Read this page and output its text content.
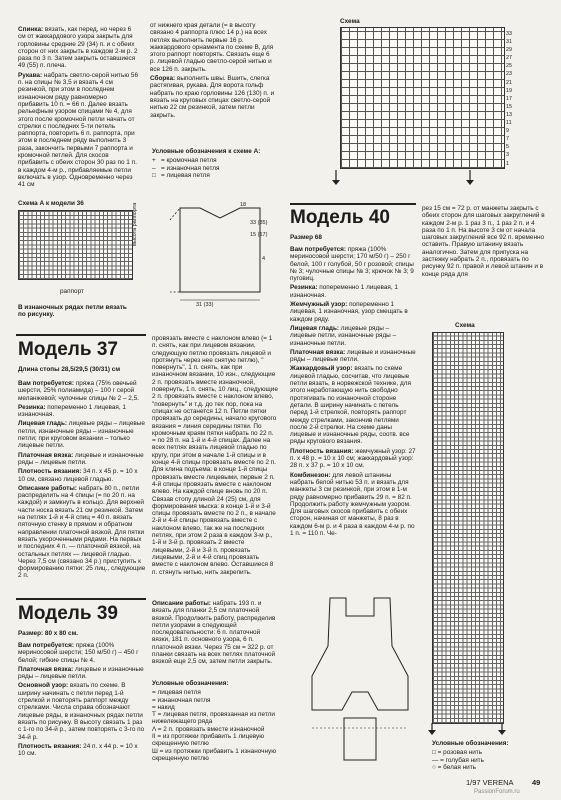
Спинка: вязать, как перед, но через 6 см от жаккардового узора закрыть для горловины средние 29 (34) п. и с обеих сторон от них закрыть в каждом 2-м р. 2 раза по 3 п. Затем закрыть оставшиеся 49 (55) п. плеча.

Рукава: набрать светло-серой нитью 56 п. на спицы № 3,5 и вязать 4 см резинкой, при этом в последнем изнаночном ряду равномерно прибавить 10 п. = 66 п. Далее вязать рельефным узором спицами № 4, для этого после кромочной петли начать от стрелки с последних 5-ти петель раппорта, повторить 6 п. раппорта, при этом в последнем ряду выполнить 3 раза, закончить первыми 7 раппорта и кромочной петлей. Для скосов прибавить с обеих сторон 30 раз по 1 п. в каждом 4-м р., прибавляемые петли включать в узор. Одновременно через 41 см

от нижнего края детали (= в высоту связано 4 раппорта плюс 14 р.) на всех петлях выполнить первые 16 р. жаккардового орнамента по схеме В, для этого раппорт повторять. Связать еще 6 р. лицевой гладью светло-серой нитью и все 126 п. закрыть.

Сборка: выполнить швы. Вшить, слегка растягивая, рукава. Для ворота гольф набрать по краю горловины 126 (130) п. и вязать на круговых спицах светло-серой нитью 22 см резинкой, затем петли закрыть.

Условные обозначения к схеме А:

+ = кромочная петля
– = изнаночная петля
□ = лицевая петля
Схема
33
31
29
27
25
23
21
19
17
15
13
11
9
7
5
3
1
Схема А к модели 36
раппорт
В изнаночных рядах петли вязать по рисунку.
высота раппорта	18
33 (35)
15 (17)
4
31 (33)
Модель 37
Длина стопы 28,5/29,5 (30/31) см

Вам потребуется: пряжа (75% овечьей шерсти, 25% полиамида) – 100 г серой меланжевой; чулочные спицы № 2 – 2,5.

Резинка: попеременно 1 лицевая, 1 изнаночная.

Лицевая гладь: лицевые ряды – лицевые петли, изнаночные ряды – изнаночные петли; при круговом вязании – только лицевые петли.

Платочная вязка: лицевые и изнаночные ряды – лицевые петли.

Плотность вязания: 34 п. x 45 р. = 10 x 10 см, связано лицевой гладью.

Описание работы: набрать 80 п., петли распределить на 4 спицы (= по 20 п. на каждой) и замкнуть в кольцо. Для верхней части носка вязать 21 см резинкой. Затем на петлях 1-й и 4-й спиц = 40 п. вязать пяточную стенку в прямом и обратном направлении платочной вязкой. Для пятки вязать укороченными рядами. На первых и последних 4 п. — платочной вязкой, на остальных петлях — лицевой гладью. Через 7,5 см (связано 34 р.) приступить к формированию пятки: 25 лиц., следующие 2 п.

провязать вместе с наклоном влево (= 1 п. снять, как при лицевом вязании, следующую петлю провязать лицевой и протянуть через нее снятую петлю), " повернуть", 1 п. снять, как при изнаночном вязании, 10 изн., следующие 2 п. провязать вместе изнаночной, повернуть, 1 п. снять, 10 лиц., следующие 2 п. провязать вместе с наклоном влево, "повернуть" и т.д. до тех пор, пока на спицах не останется 12 п. Петли пятки провязать до середины, начало кругового вязания = линия середины пятки. По кромочным краям пятки набрать по 22 п. = по 28 п. на 1-й и 4-й спицах. Далее на всех петлях вязать лицевой гладью по кругу, при этом в начале 1-й спицы и в конце 4-й спицы провязать вместе по 2 п. Для клина подъема: в конце 1-й спицы провязать вместе лицевыми, первые 2 п. 4-й спицы провязать вместе с наклоном влево. На каждой спице вновь по 20 п. Связав стопу длиной 24 (25) см, для формирования мыска: в конце 1-й и 3-й спицы провязать вместе по 2 п., в начале 2-й и 4-й спицы провязать вместе с наклоном влево, так же на последних петлях, при этом 2 раза в каждом 3-м р., 1-й и 3-й р. провязать 2 вместе лицевыми, 2-й и 3-й п. провязать лицевыми, 2-й и 4-й спиц провязать вместе с наклоном влево. Оставшиеся 8 п. стянуть нитью, нить закрепить.

Модель 39
Размер: 80 x 80 см.

Вам потребуется: пряжа (100% мериносовой шерсти; 150 м/50 г) – 450 г белой; гибкие спицы № 4.

Платочная вязка: лицевые и изнаночные ряды – лицевые петли.

Основной узор: вязать по схеме. В ширину начинать с петли перед 1-й стрелкой и повторять раппорт между стрелками. Числа справа обозначают лицевые ряды, в изнаночных рядах петли вязать по рисунку. В высоту связать 1 раз с 1-го по 34-й р., затем повторять с 3-го по 34-й р.

Плотность вязания: 24 п. x 44 р. = 10 x 10 см.

Описание работы: набрать 193 п. и вязать для планки 2,5 см платочной вязкой. Продолжить работу, распределив петли узорами в следующей последовательности: 6 п. платочной вязки, 181 п. основного узора, 6 п. платочной вязки. Через 75 см = 322 р. от планки связать на всех петлях платочной вязкой еще 2,5 см, затем петли закрыть.

Условные обозначения:

= лицевая петля
= изнаночная петля
= накид
Т = лицевая петля, провязанная из петли нижележащего ряда
Λ = 2 п. провязать вместе изнаночной
II = из протяжки прибавить 1 лицевую скрещенную петлю
Ш = из протяжки прибавить 1 изнаночную скрещенную петлю
Модель 40
Размер 68

Вам потребуется: пряжа (100% мериносовой шерсти; 170 м/50 г) – 250 г белой, 100 г голубой, 50 г розовой; спицы № 3; чулочные спицы № 3; крючок № 3; 9 пуговиц.

Резинка: попеременно 1 лицевая, 1 изнаночная.

Жемчужный узор: попеременно 1 лицевая, 1 изнаночная, узор смещать в каждом ряду.

Лицевая гладь: лицевые ряды – лицевые петли, изнаночные ряды – изнаночные петли.

Платочная вязка: лицевые и изнаночные ряды – лицевые петли.

Жаккардовый узор: вязать по схеме лицевой гладью, сосчитав, что лицевые петли вязать, в норвежской технике, для этого неработающую нить свободно протягивать по изнаночной стороне детали. В ширину начинать с петель перед 1-й стрелкой, повторять раппорт между стрелками, закончив петлями после 2-й стрелки. На схеме даны лицевые и изнаночные ряды, соотв. все ряды кругового вязания.

Плотность вязания: жемчужный узор: 27 п. x 48 р. = 10 x 10 см; жаккардовый узор: 28 п. x 37 р. = 10 x 10 см.

Комбинезон: для левой штанины набрать белой нитью 53 п. и вязать для манжеты 3 см резинкой, при этом в 1-м ряду равномерно прибавить 29 п. = 82 п. Продолжить работу жемчужным узором. Для шаговых скосов прибавить с обеих сторон, начиная от манжеты, 8 раз в каждом 6-м р. и 4 раза в каждом 4-м р. по 1 п. = 110 п. Че-

рез 15 см = 72 р. от манжеты закрыть с обеих сторон для шаговых закруглений в каждом 2-м р. 1 раз 3 п., 1 раз 2 п. и 4 раза по 1 п. На высоте 3 см от начала шаговых закруглений все 92 п. временно оставить. Правую штанину вязать аналогично. Затем для припуска на застежку набрать 2 п., провязать по рисунку 92 п. правой и левой штанин и в конце ряда для

Схема

Условные обозначения:

□ = розовая нить
— = голубая нить
○ = белая нить
1/97 VERENA 49
PassionForum.ru
